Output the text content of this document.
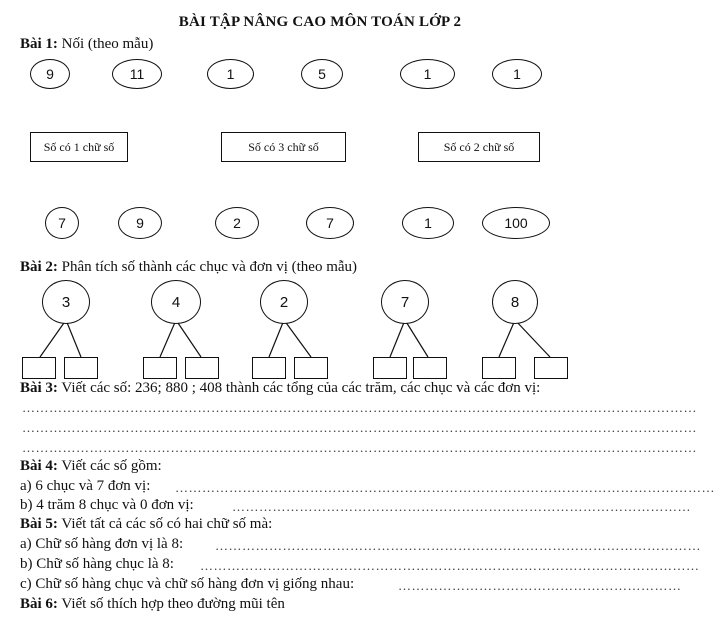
BÀI TẬP NÂNG CAO MÔN TOÁN LỚP 2
Bài 1: Nối (theo mẫu)
9	11	1	5	1	1
Số có 1 chữ số	Số có 3 chữ số	Số có 2 chữ số
7	9	2	7	1	100
Bài 2: Phân tích số thành các chục và đơn vị (theo mẫu)
3	4	2	7	8
Bài 3: Viết các số: 236; 880 ; 408 thành các tổng của các trăm, các chục và các đơn vị:
……………………………………………………………………………………………………………………………………
……………………………………………………………………………………………………………………………………
……………………………………………………………………………………………………………………………………
Bài 4: Viết các số gồm:
a) 6 chục và 7 đơn vị: …………………………………………………………………………………………………………
b) 4 trăm 8 chục và 0 đơn vị:	…………………………………………………………………………………………
Bài 5: Viết tất cả các số có hai chữ số mà:
a) Chữ số hàng đơn vị là 8: ………………………………………………………………………………………………
b) Chữ số hàng chục là 8: …………………………………………………………………………………………………
c) Chữ số hàng chục và chữ số hàng đơn vị giống nhau:	………………………………………………………
Bài 6: Viết số thích hợp theo đường mũi tên
